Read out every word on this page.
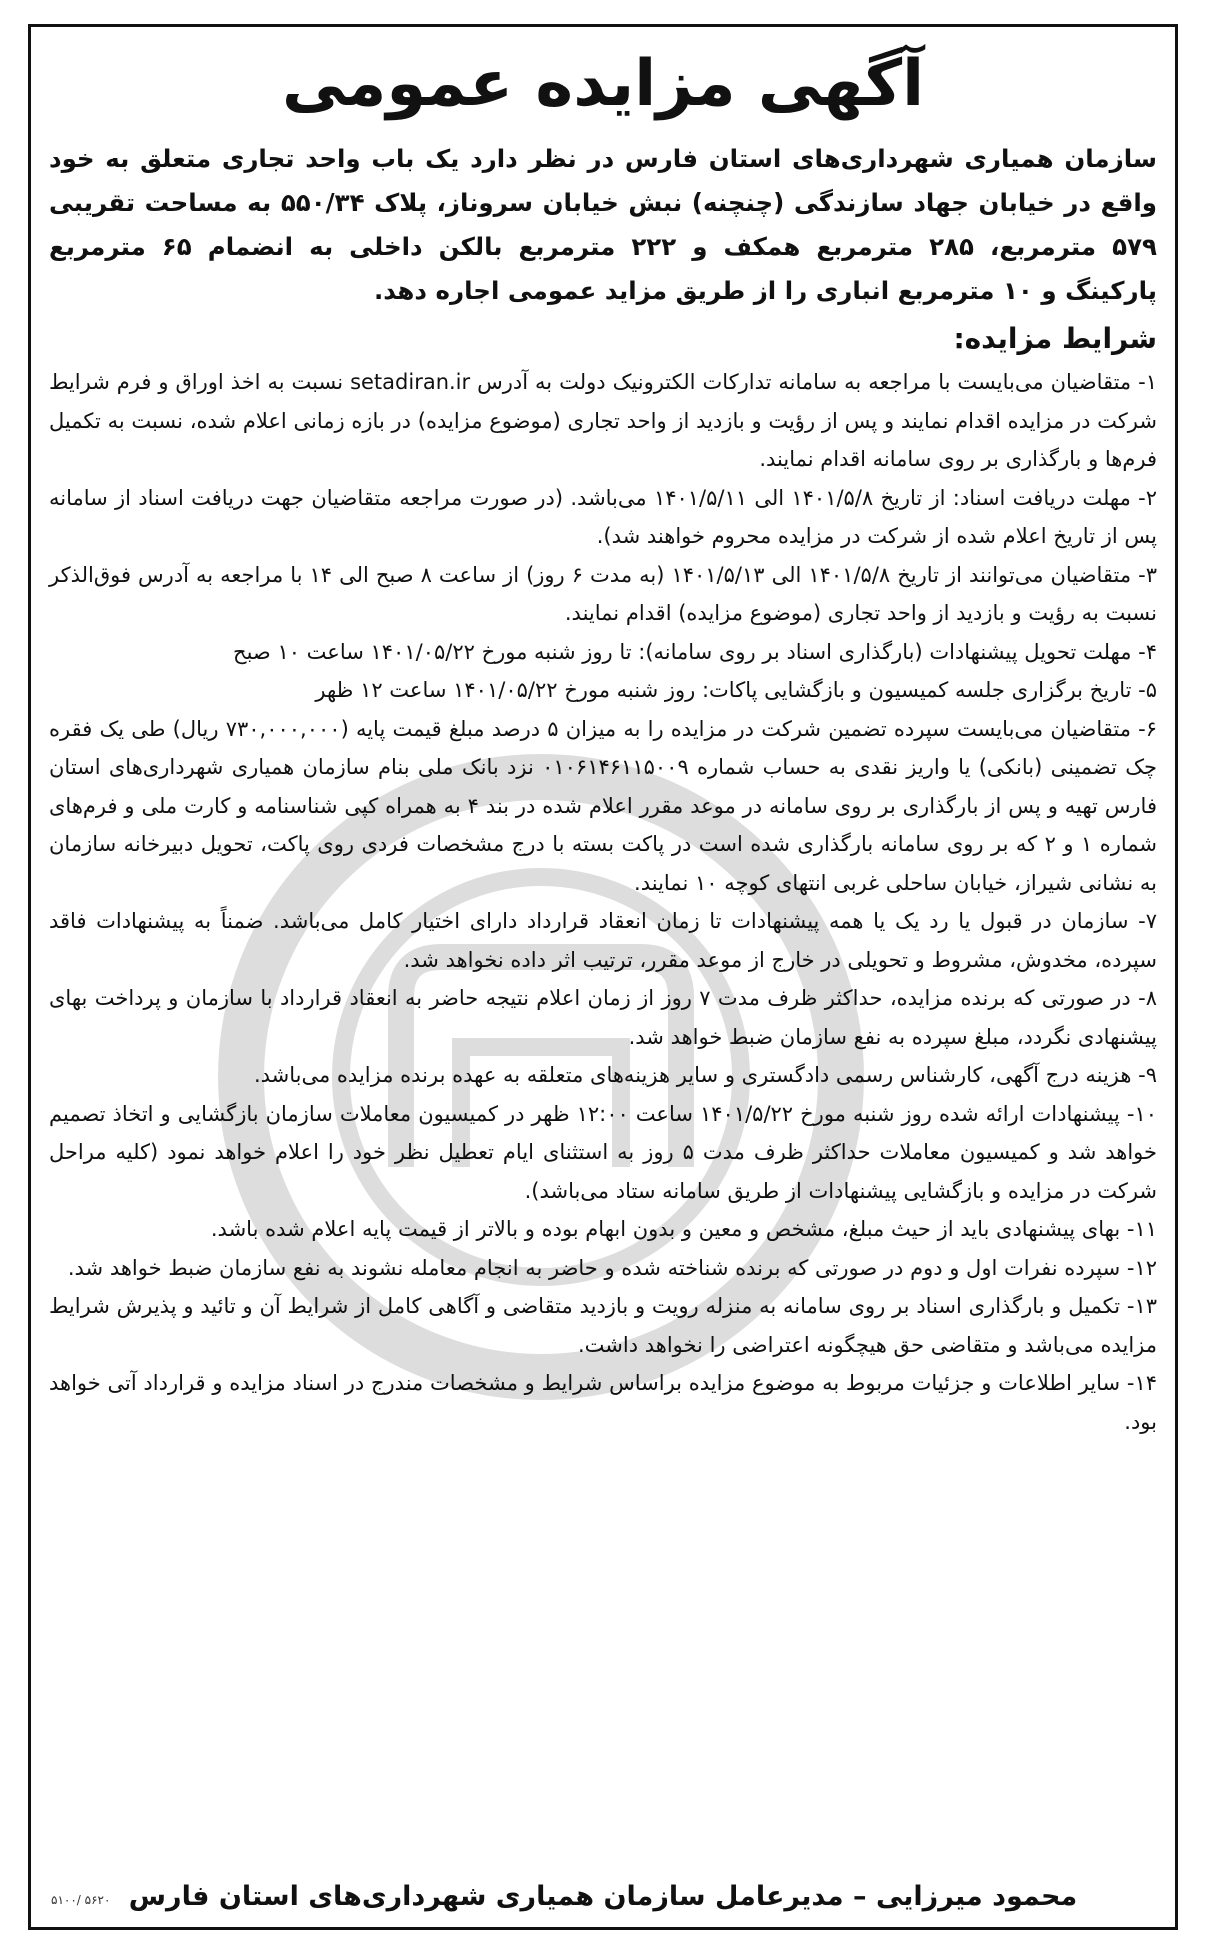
آگهی مزایده عمومی

سازمان همیاری شهرداری‌های استان فارس در نظر دارد یک باب واحد تجاری متعلق به خود واقع در خیابان جهاد سازندگی (چنچنه) نبش خیابان سروناز، پلاک ۵۵۰/۳۴ به مساحت تقریبی ۵۷۹ مترمربع، ۲۸۵ مترمربع همکف و ۲۲۲ مترمربع بالکن داخلی به انضمام ۶۵ مترمربع پارکینگ و ۱۰ مترمربع انباری را از طریق مزاید عمومی اجاره دهد.

شرایط مزایده:
۱- متقاضیان می‌بایست با مراجعه به سامانه تدارکات الکترونیک دولت به آدرس setadiran.ir نسبت به اخذ اوراق و فرم شرایط شرکت در مزایده اقدام نمایند و پس از رؤیت و بازدید از واحد تجاری (موضوع مزایده) در بازه زمانی اعلام شده، نسبت به تکمیل فرم‌ها و بارگذاری بر روی سامانه اقدام نمایند.
۲- مهلت دریافت اسناد: از تاریخ ۱۴۰۱/۵/۸ الی ۱۴۰۱/۵/۱۱ می‌باشد. (در صورت مراجعه متقاضیان جهت دریافت اسناد از سامانه پس از تاریخ اعلام شده از شرکت در مزایده محروم خواهند شد).
۳- متقاضیان می‌توانند از تاریخ ۱۴۰۱/۵/۸ الی ۱۴۰۱/۵/۱۳ (به مدت ۶ روز) از ساعت ۸ صبح الی ۱۴ با مراجعه به آدرس فوق‌الذکر نسبت به رؤیت و بازدید از واحد تجاری (موضوع مزایده) اقدام نمایند.
۴- مهلت تحویل پیشنهادات (بارگذاری اسناد بر روی سامانه): تا روز شنبه مورخ ۱۴۰۱/۰۵/۲۲ ساعت ۱۰ صبح
۵- تاریخ برگزاری جلسه کمیسیون و بازگشایی پاکات: روز شنبه مورخ ۱۴۰۱/۰۵/۲۲ ساعت ۱۲ ظهر
۶- متقاضیان می‌بایست سپرده تضمین شرکت در مزایده را به میزان ۵ درصد مبلغ قیمت پایه (۷۳۰,۰۰۰,۰۰۰ ریال) طی یک فقره چک تضمینی (بانکی) یا واریز نقدی به حساب شماره ۰۱۰۶۱۴۶۱۱۵۰۰۹ نزد بانک ملی بنام سازمان همیاری شهرداری‌های استان فارس تهیه و پس از بارگذاری بر روی سامانه در موعد مقرر اعلام شده در بند ۴ به همراه کپی شناسنامه و کارت ملی و فرم‌های شماره ۱ و ۲ که بر روی سامانه بارگذاری شده است در پاکت بسته با درج مشخصات فردی روی پاکت، تحویل دبیرخانه سازمان به نشانی شیراز، خیابان ساحلی غربی انتهای کوچه ۱۰ نمایند.
۷- سازمان در قبول یا رد یک یا همه پیشنهادات تا زمان انعقاد قرارداد دارای اختیار کامل می‌باشد. ضمناً به پیشنهادات فاقد سپرده، مخدوش، مشروط و تحویلی در خارج از موعد مقرر، ترتیب اثر داده نخواهد شد.
۸- در صورتی که برنده مزایده، حداکثر ظرف مدت ۷ روز از زمان اعلام نتیجه حاضر به انعقاد قرارداد با سازمان و پرداخت بهای پیشنهادی نگردد، مبلغ سپرده به نفع سازمان ضبط خواهد شد.
۹- هزینه درج آگهی، کارشناس رسمی دادگستری و سایر هزینه‌های متعلقه به عهده برنده مزایده می‌باشد.
۱۰- پیشنهادات ارائه شده روز شنبه مورخ ۱۴۰۱/۵/۲۲ ساعت ۱۲:۰۰ ظهر در کمیسیون معاملات سازمان بازگشایی و اتخاذ تصمیم خواهد شد و کمیسیون معاملات حداکثر ظرف مدت ۵ روز به استثنای ایام تعطیل نظر خود را اعلام خواهد نمود (کلیه مراحل شرکت در مزایده و بازگشایی پیشنهادات از طریق سامانه ستاد می‌باشد).
۱۱- بهای پیشنهادی باید از حیث مبلغ، مشخص و معین و بدون ابهام بوده و بالاتر از قیمت پایه اعلام شده باشد.
۱۲- سپرده نفرات اول و دوم در صورتی که برنده شناخته شده و حاضر به انجام معامله نشوند به نفع سازمان ضبط خواهد شد.
۱۳- تکمیل و بارگذاری اسناد بر روی سامانه به منزله رویت و بازدید متقاضی و آگاهی کامل از شرایط آن و تائید و پذیرش شرایط مزایده می‌باشد و متقاضی حق هیچگونه اعتراضی را نخواهد داشت.
۱۴- سایر اطلاعات و جزئیات مربوط به موضوع مزایده براساس شرایط و مشخصات مندرج در اسناد مزایده و قرارداد آتی خواهد بود.
محمود میرزایی – مدیرعامل سازمان همیاری شهرداری‌های استان فارس
۵۱۰۰/ ۵۶۲۰
